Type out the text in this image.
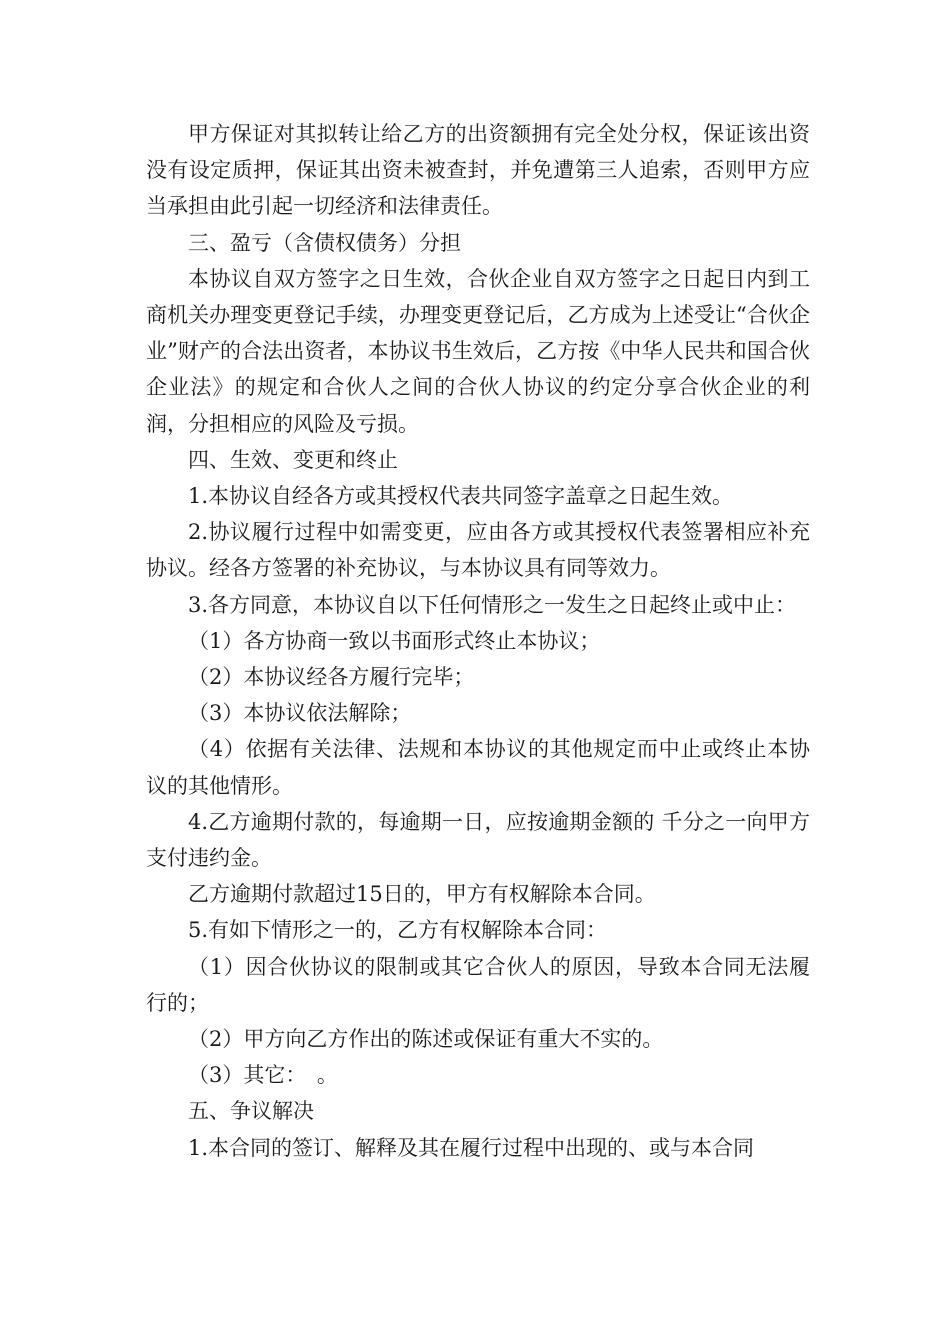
甲方保证对其拟转让给乙方的出资额拥有完全处分权，保证该出资没有设定质押，保证其出资未被查封，并免遭第三人追索，否则甲方应当承担由此引起一切经济和法律责任。

三、盈亏（含债权债务）分担

本协议自双方签字之日生效，合伙企业自双方签字之日起日内到工商机关办理变更登记手续，办理变更登记后，乙方成为上述受让“合伙企业”财产的合法出资者，本协议书生效后，乙方按《中华人民共和国合伙企业法》的规定和合伙人之间的合伙人协议的约定分享合伙企业的利润，分担相应的风险及亏损。

四、生效、变更和终止

1.本协议自经各方或其授权代表共同签字盖章之日起生效。

2.协议履行过程中如需变更，应由各方或其授权代表签署相应补充协议。经各方签署的补充协议，与本协议具有同等效力。

3.各方同意，本协议自以下任何情形之一发生之日起终止或中止：

（1）各方协商一致以书面形式终止本协议；

（2）本协议经各方履行完毕；

（3）本协议依法解除；

（4）依据有关法律、法规和本协议的其他规定而中止或终止本协议的其他情形。

4.乙方逾期付款的，每逾期一日，应按逾期金额的 千分之一向甲方支付违约金。

乙方逾期付款超过15日的，甲方有权解除本合同。

5.有如下情形之一的，乙方有权解除本合同：

（1）因合伙协议的限制或其它合伙人的原因，导致本合同无法履行的；

（2）甲方向乙方作出的陈述或保证有重大不实的。

（3）其它：　。

五、争议解决

1.本合同的签订、解释及其在履行过程中出现的、或与本合同
